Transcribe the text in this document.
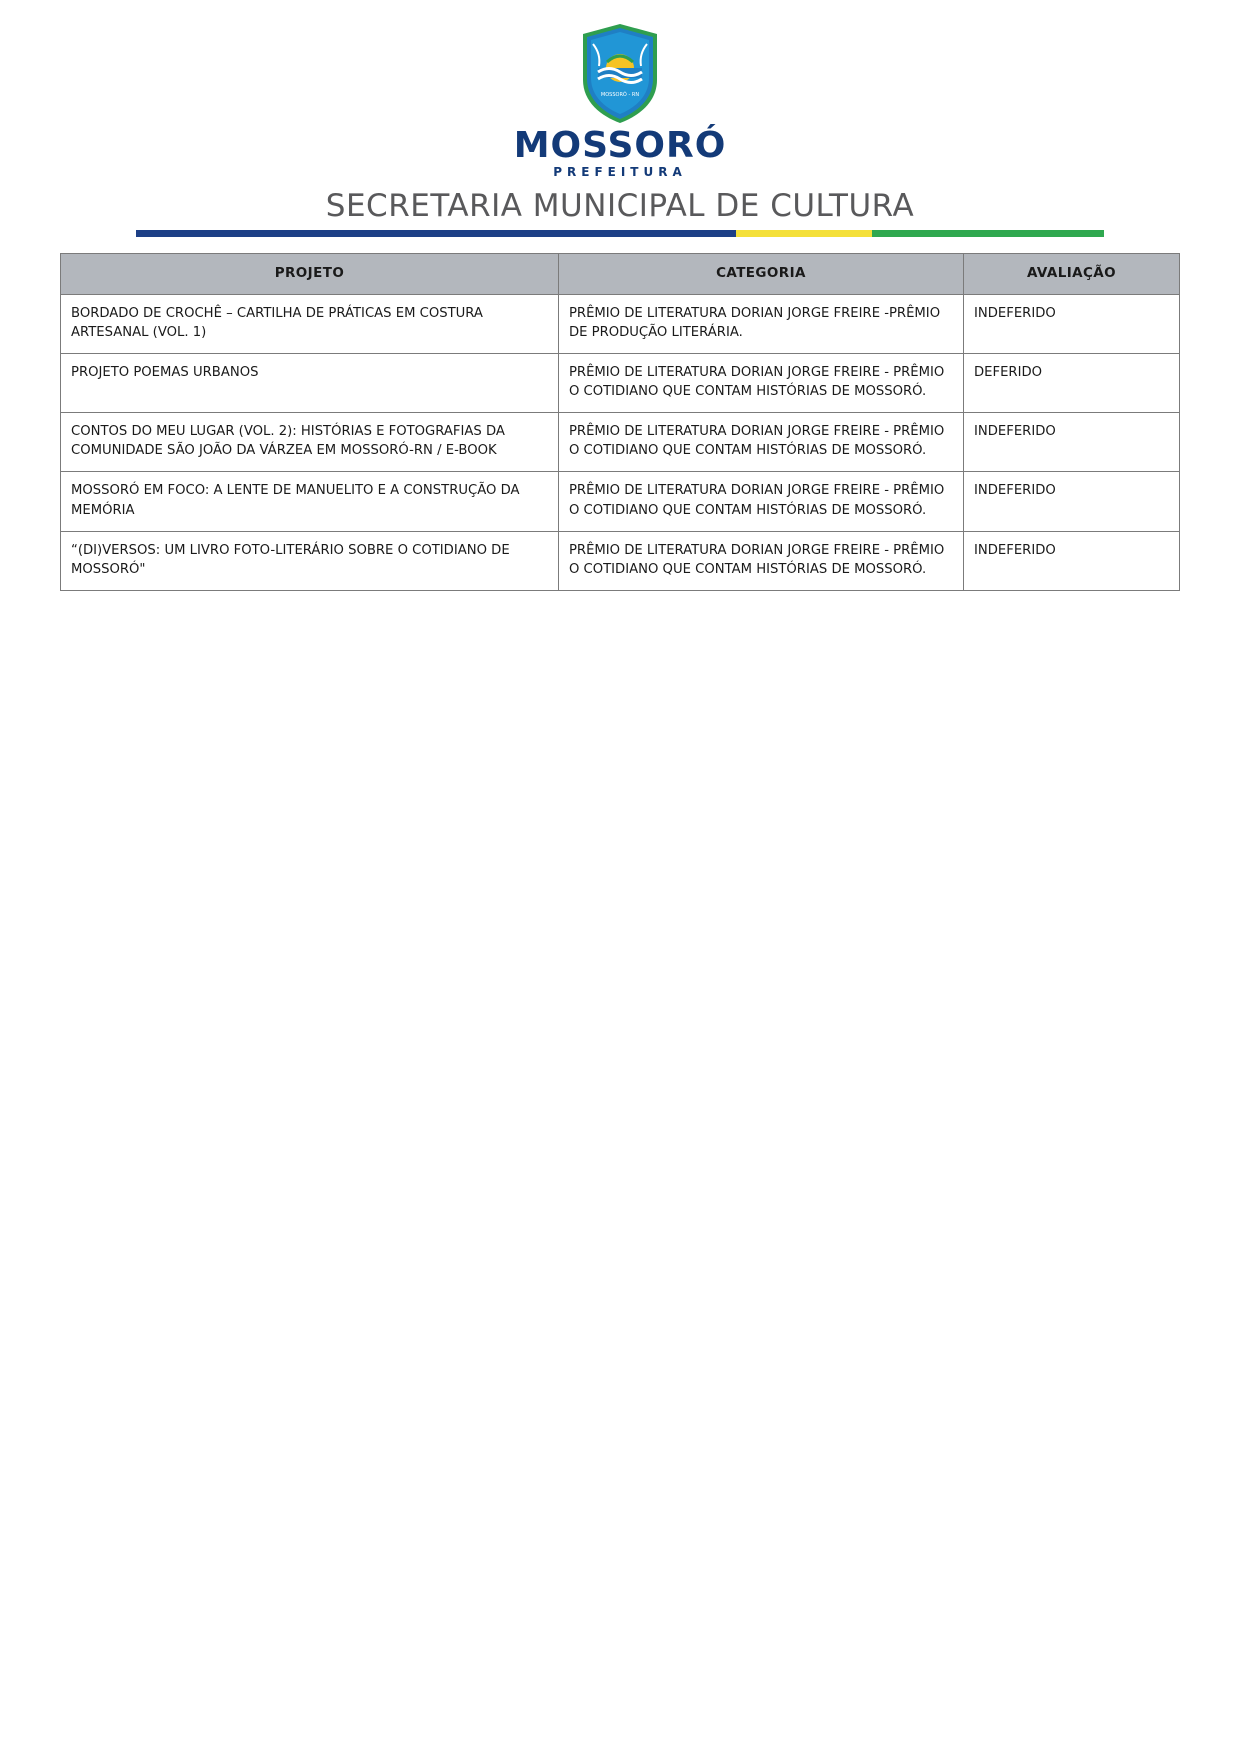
MOSSORÓ - RN
MOSSORÓ
PREFEITURA
SECRETARIA MUNICIPAL DE CULTURA
PROJETO	CATEGORIA	AVALIAÇÃO
BORDADO DE CROCHÊ – CARTILHA DE PRÁTICAS EM COSTURA ARTESANAL (VOL. 1)	PRÊMIO DE LITERATURA DORIAN JORGE FREIRE -PRÊMIO DE PRODUÇÃO LITERÁRIA.	INDEFERIDO
PROJETO POEMAS URBANOS	PRÊMIO DE LITERATURA DORIAN JORGE FREIRE - PRÊMIO O COTIDIANO QUE CONTAM HISTÓRIAS DE MOSSORÓ.	DEFERIDO
CONTOS DO MEU LUGAR (VOL. 2): HISTÓRIAS E FOTOGRAFIAS DA COMUNIDADE SÃO JOÃO DA VÁRZEA EM MOSSORÓ-RN / E-BOOK	PRÊMIO DE LITERATURA DORIAN JORGE FREIRE - PRÊMIO O COTIDIANO QUE CONTAM HISTÓRIAS DE MOSSORÓ.	INDEFERIDO
MOSSORÓ EM FOCO: A LENTE DE MANUELITO E A CONSTRUÇÃO DA MEMÓRIA	PRÊMIO DE LITERATURA DORIAN JORGE FREIRE - PRÊMIO O COTIDIANO QUE CONTAM HISTÓRIAS DE MOSSORÓ.	INDEFERIDO
“(DI)VERSOS: UM LIVRO FOTO-LITERÁRIO SOBRE O COTIDIANO DE MOSSORÓ"	PRÊMIO DE LITERATURA DORIAN JORGE FREIRE - PRÊMIO O COTIDIANO QUE CONTAM HISTÓRIAS DE MOSSORÓ.	INDEFERIDO
